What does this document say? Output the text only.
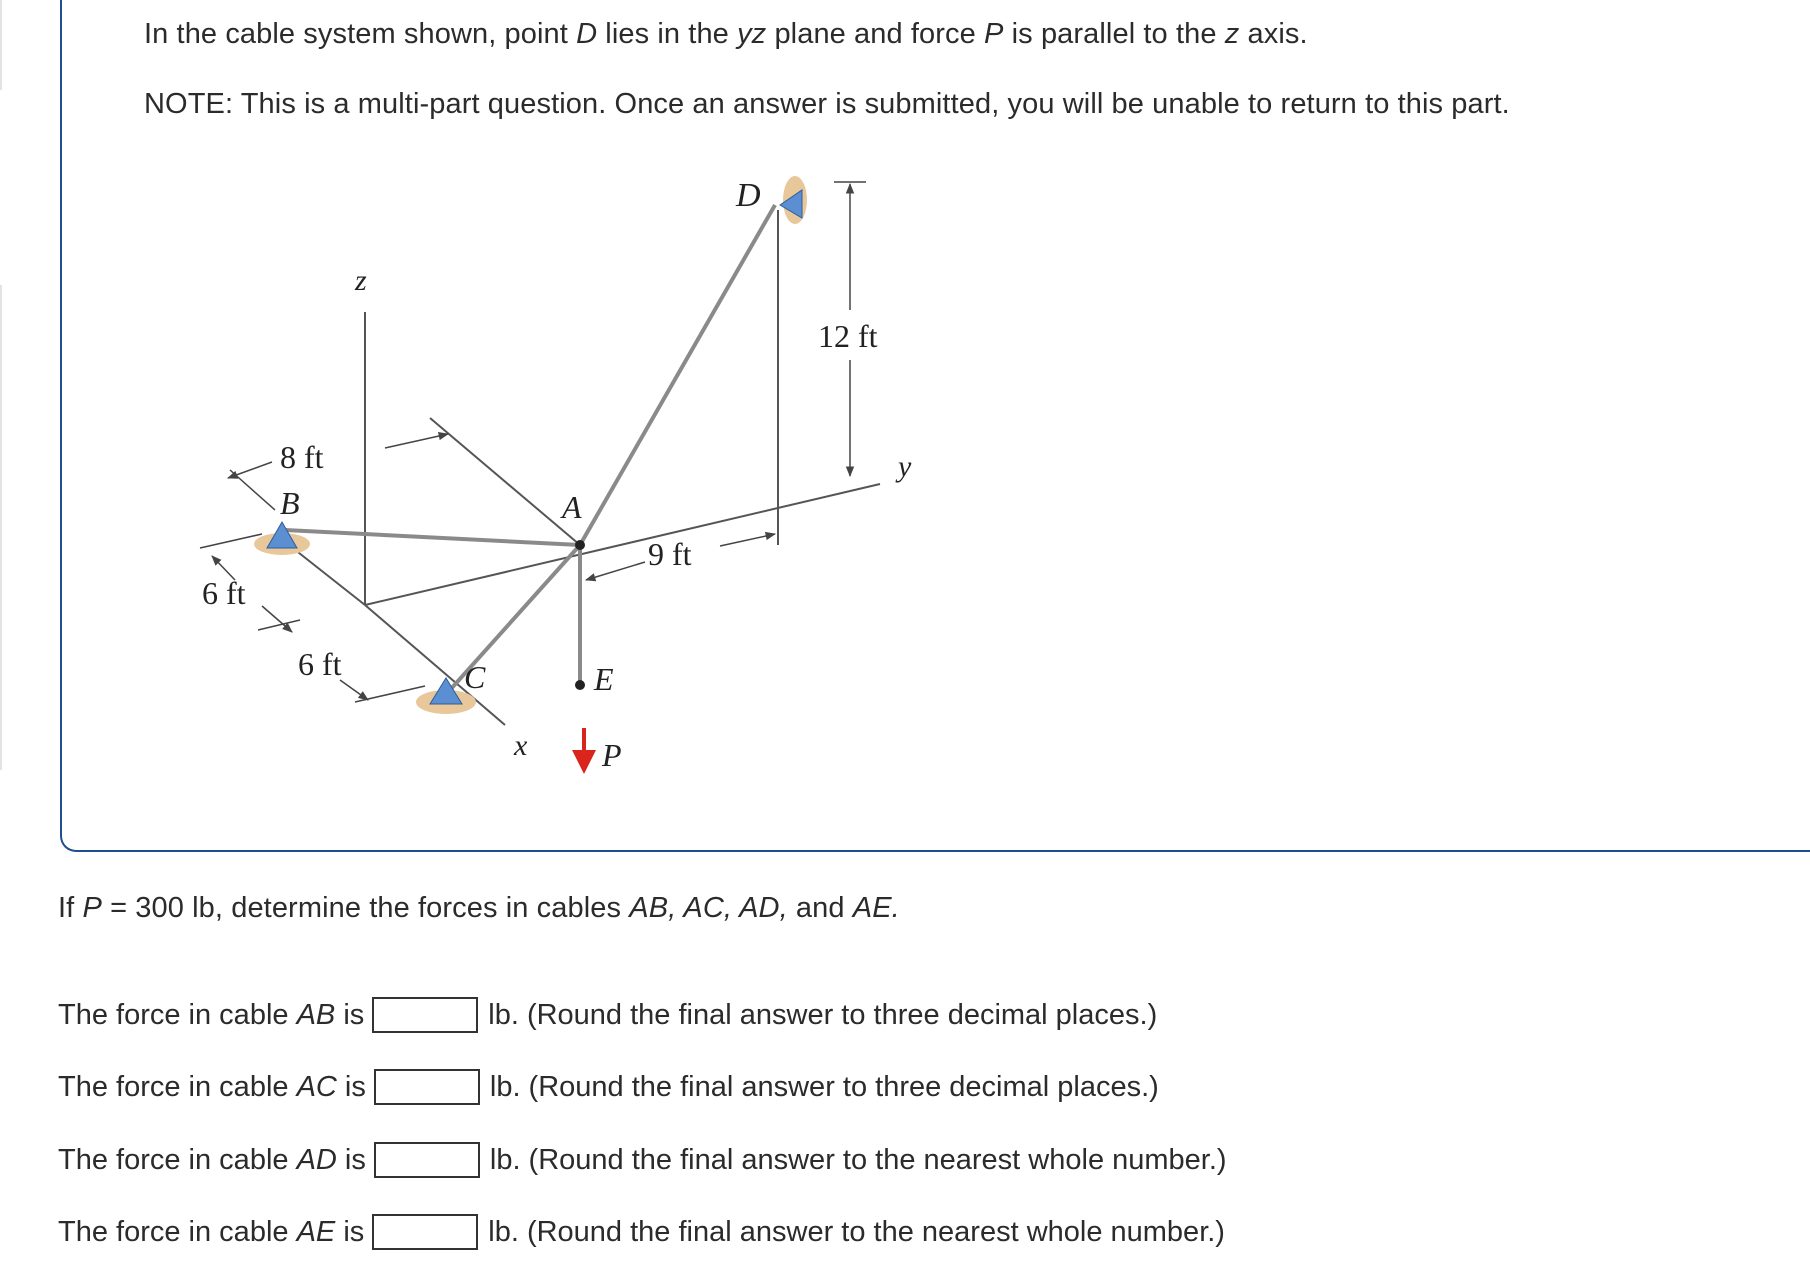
In the cable system shown, point D lies in the yz plane and force P is parallel to the z axis.
NOTE: This is a multi-part question. Once an answer is submitted, you will be unable to return to this part.
D
z
12 ft
8 ft	y
B	A
9 ft
6 ft
6 ft	C	E
x P
If P = 300 lb, determine the forces in cables AB, AC, AD, and AE.
The force in cable AB is	lb. (Round the final answer to three decimal places.)
The force in cable AC is	lb. (Round the final answer to three decimal places.)
The force in cable AD is	lb. (Round the final answer to the nearest whole number.)
The force in cable AE is	lb. (Round the final answer to the nearest whole number.)
